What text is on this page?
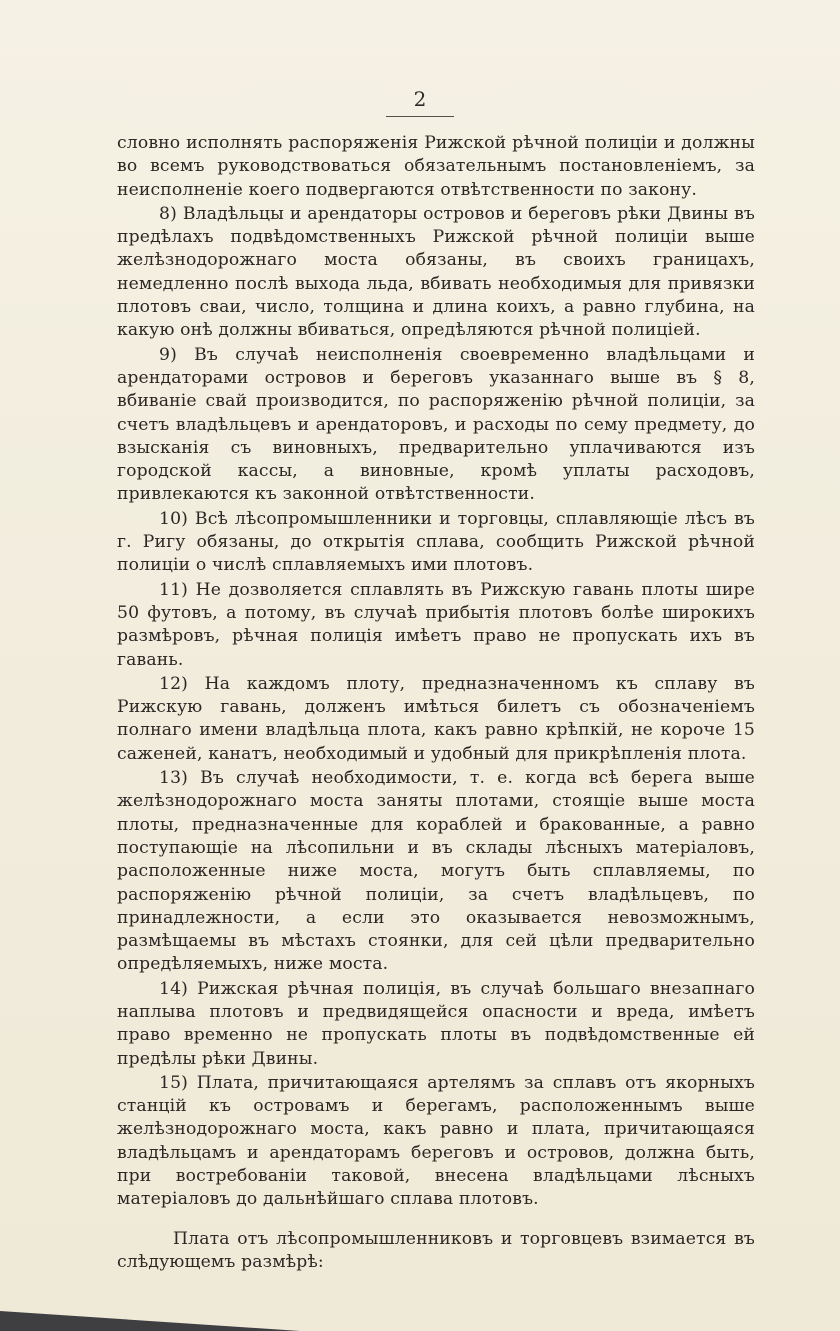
2

словно исполнять распоряженія Рижской рѣчной полиціи и должны во всемъ руководствоваться обязательнымъ постановленіемъ, за неисполненіе коего подвергаются отвѣтственности по закону.

8) Владѣльцы и арендаторы островов и береговъ рѣки Двины въ предѣлахъ подвѣдомственныхъ Рижской рѣчной полиціи выше желѣзнодорожнаго моста обязаны, въ своихъ границахъ, немедленно послѣ выхода льда, вбивать необходимыя для привязки плотовъ сваи, число, толщина и длина коихъ, а равно глубина, на какую онѣ должны вбиваться, опредѣляются рѣчной полиціей.

9) Въ случаѣ неисполненія своевременно владѣльцами и арендаторами островов и береговъ указаннаго выше въ § 8, вбиваніе свай производится, по распоряженію рѣчной полиціи, за счетъ владѣльцевъ и арендаторовъ, и расходы по сему предмету, до взысканія съ виновныхъ, предварительно уплачиваются изъ городской кассы, а виновные, кромѣ уплаты расходовъ, привлекаются къ законной отвѣтственности.

10) Всѣ лѣсопромышленники и торговцы, сплавляющіе лѣсъ въ г. Ригу обязаны, до открытія сплава, сообщить Рижской рѣчной полиціи о числѣ сплавляемыхъ ими плотовъ.

11) Не дозволяется сплавлять въ Рижскую гавань плоты шире 50 футовъ, а потому, въ случаѣ прибытія плотовъ болѣе широкихъ размѣровъ, рѣчная полиція имѣетъ право не пропускать ихъ въ гавань.

12) На каждомъ плоту, предназначенномъ къ сплаву въ Рижскую гавань, долженъ имѣться билетъ съ обозначеніемъ полнаго имени владѣльца плота, какъ равно крѣпкій, не короче 15 саженей, канатъ, необходимый и удобный для прикрѣпленія плота.

13) Въ случаѣ необходимости, т. е. когда всѣ берега выше желѣзнодорожнаго моста заняты плотами, стоящіе выше моста плоты, предназначенные для кораблей и бракованные, а равно поступающіе на лѣсопильни и въ склады лѣсныхъ матеріаловъ, расположенные ниже моста, могутъ быть сплавляемы, по распоряженію рѣчной полиціи, за счетъ владѣльцевъ, по принадлежности, а если это оказывается невозможнымъ, размѣщаемы въ мѣстахъ стоянки, для сей цѣли предварительно опредѣляемыхъ, ниже моста.

14) Рижская рѣчная полиція, въ случаѣ большаго внезапнаго наплыва плотовъ и предвидящейся опасности и вреда, имѣетъ право временно не пропускать плоты въ подвѣдомственные ей предѣлы рѣки Двины.

15) Плата, причитающаяся артелямъ за сплавъ отъ якорныхъ станцій къ островамъ и берегамъ, расположеннымъ выше желѣзнодорожнаго моста, какъ равно и плата, причитающаяся владѣльцамъ и арендаторамъ береговъ и островов, должна быть, при востребованіи таковой, внесена владѣльцами лѣсныхъ матеріаловъ до дальнѣйшаго сплава плотовъ.

Плата отъ лѣсопромышленниковъ и торговцевъ взимается въ слѣдующемъ размѣрѣ:
